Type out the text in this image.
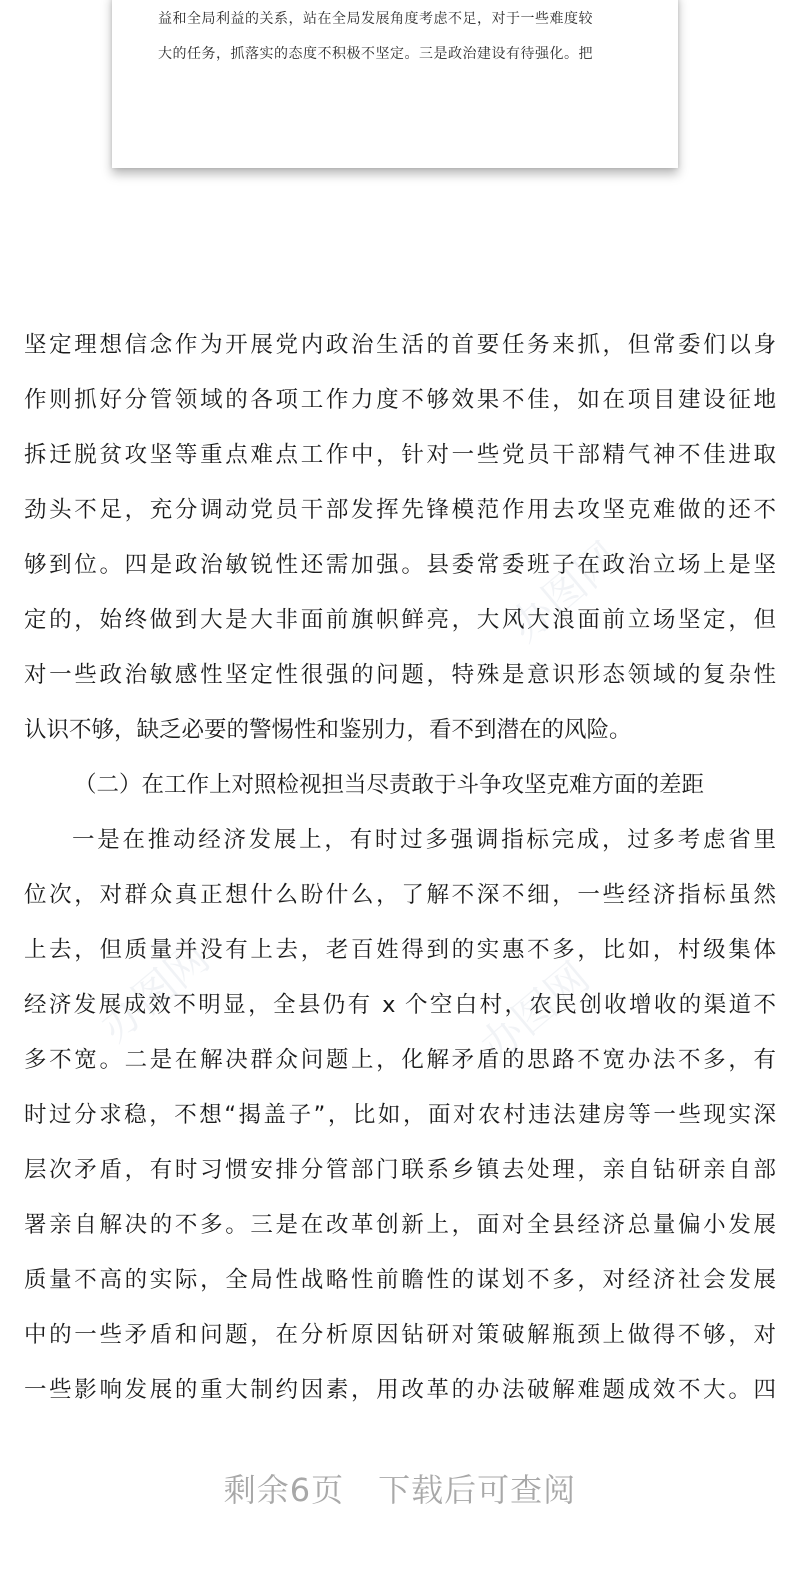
益和全局利益的关系，站在全局发展角度考虑不足，对于一些难度较
大的任务，抓落实的态度不积极不坚定。三是政治建设有待强化。把
办图网
办图网	办图网
坚定理想信念作为开展党内政治生活的首要任务来抓，但常委们以身
作则抓好分管领域的各项工作力度不够效果不佳，如在项目建设征地
拆迁脱贫攻坚等重点难点工作中，针对一些党员干部精气神不佳进取
劲头不足，充分调动党员干部发挥先锋模范作用去攻坚克难做的还不
够到位。四是政治敏锐性还需加强。县委常委班子在政治立场上是坚
定的，始终做到大是大非面前旗帜鲜亮，大风大浪面前立场坚定，但
对一些政治敏感性坚定性很强的问题，特殊是意识形态领域的复杂性
认识不够，缺乏必要的警惕性和鉴别力，看不到潜在的风险。
（二）在工作上对照检视担当尽责敢于斗争攻坚克难方面的差距
一是在推动经济发展上，有时过多强调指标完成，过多考虑省里
位次，对群众真正想什么盼什么，了解不深不细，一些经济指标虽然
上去，但质量并没有上去，老百姓得到的实惠不多，比如，村级集体
经济发展成效不明显，全县仍有 x 个空白村，农民创收增收的渠道不
多不宽。二是在解决群众问题上，化解矛盾的思路不宽办法不多，有
时过分求稳，不想“揭盖子”，比如，面对农村违法建房等一些现实深
层次矛盾，有时习惯安排分管部门联系乡镇去处理，亲自钻研亲自部
署亲自解决的不多。三是在改革创新上，面对全县经济总量偏小发展
质量不高的实际，全局性战略性前瞻性的谋划不多，对经济社会发展
中的一些矛盾和问题，在分析原因钻研对策破解瓶颈上做得不够，对
一些影响发展的重大制约因素，用改革的办法破解难题成效不大。四
剩余6页 下载后可查阅
